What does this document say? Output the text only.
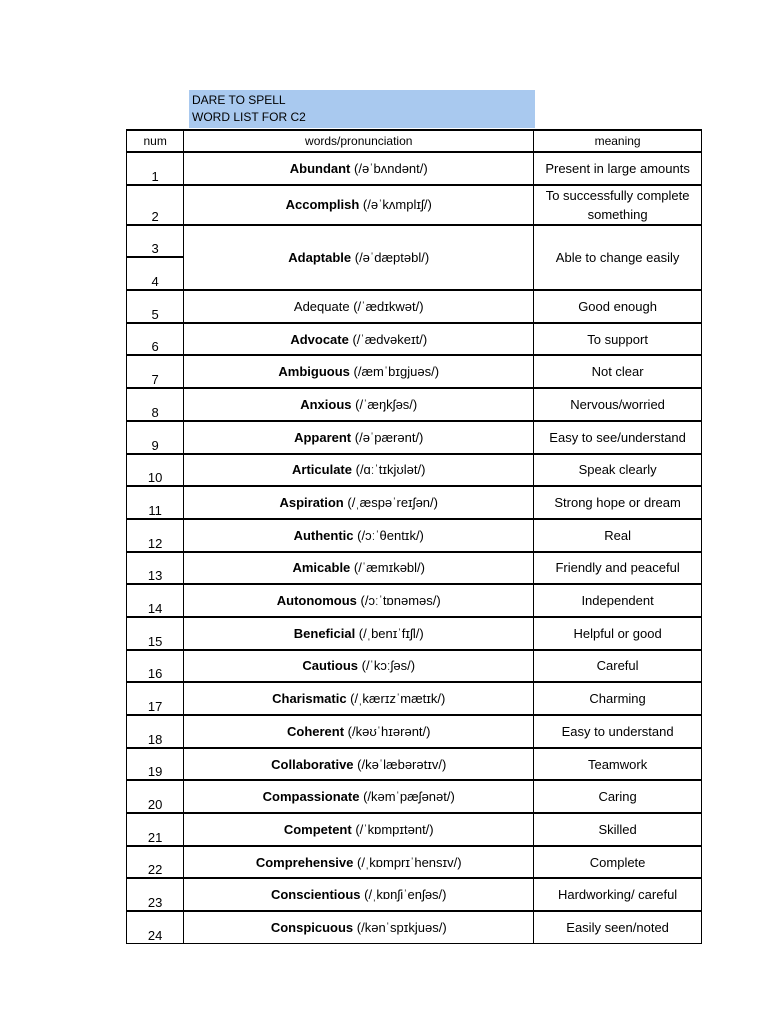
DARE TO SPELL
WORD LIST FOR C2
num	words/pronunciation	meaning
1	Abundant (/əˈbʌndənt/)	Present in large amounts

2	Accomplish (/əˈkʌmplɪʃ/)	To successfully complete something

3	Adaptable (/əˈdæptəbl/)	Able to change easily
4		
5	Adequate (/ˈædɪkwət/)	Good enough

6	Advocate (/ˈædvəkeɪt/)	To support

7	Ambiguous (/æmˈbɪɡjuəs/)	Not clear

8	Anxious (/ˈæŋkʃəs/)	Nervous/worried

9	Apparent (/əˈpærənt/)	Easy to see/understand

10	Articulate (/ɑːˈtɪkjʊlət/)	Speak clearly

11	Aspiration (/ˌæspəˈreɪʃən/)	Strong hope or dream

12	Authentic (/ɔːˈθentɪk/)	Real

13	Amicable (/ˈæmɪkəbl/)	Friendly and peaceful

14	Autonomous (/ɔːˈtɒnəməs/)	Independent

15	Beneficial (/ˌbenɪˈfɪʃl/)	Helpful or good

16	Cautious (/ˈkɔːʃəs/)	Careful

17	Charismatic (/ˌkærɪzˈmætɪk/)	Charming

18	Coherent (/kəʊˈhɪərənt/)	Easy to understand

19	Collaborative (/kəˈlæbərətɪv/)	Teamwork

20	Compassionate (/kəmˈpæʃənət/)	Caring

21	Competent (/ˈkɒmpɪtənt/)	Skilled

22	Comprehensive (/ˌkɒmprɪˈhensɪv/)	Complete

23	Conscientious (/ˌkɒnʃiˈenʃəs/)	Hardworking/ careful

24	Conspicuous (/kənˈspɪkjuəs/)	Easily seen/noted
